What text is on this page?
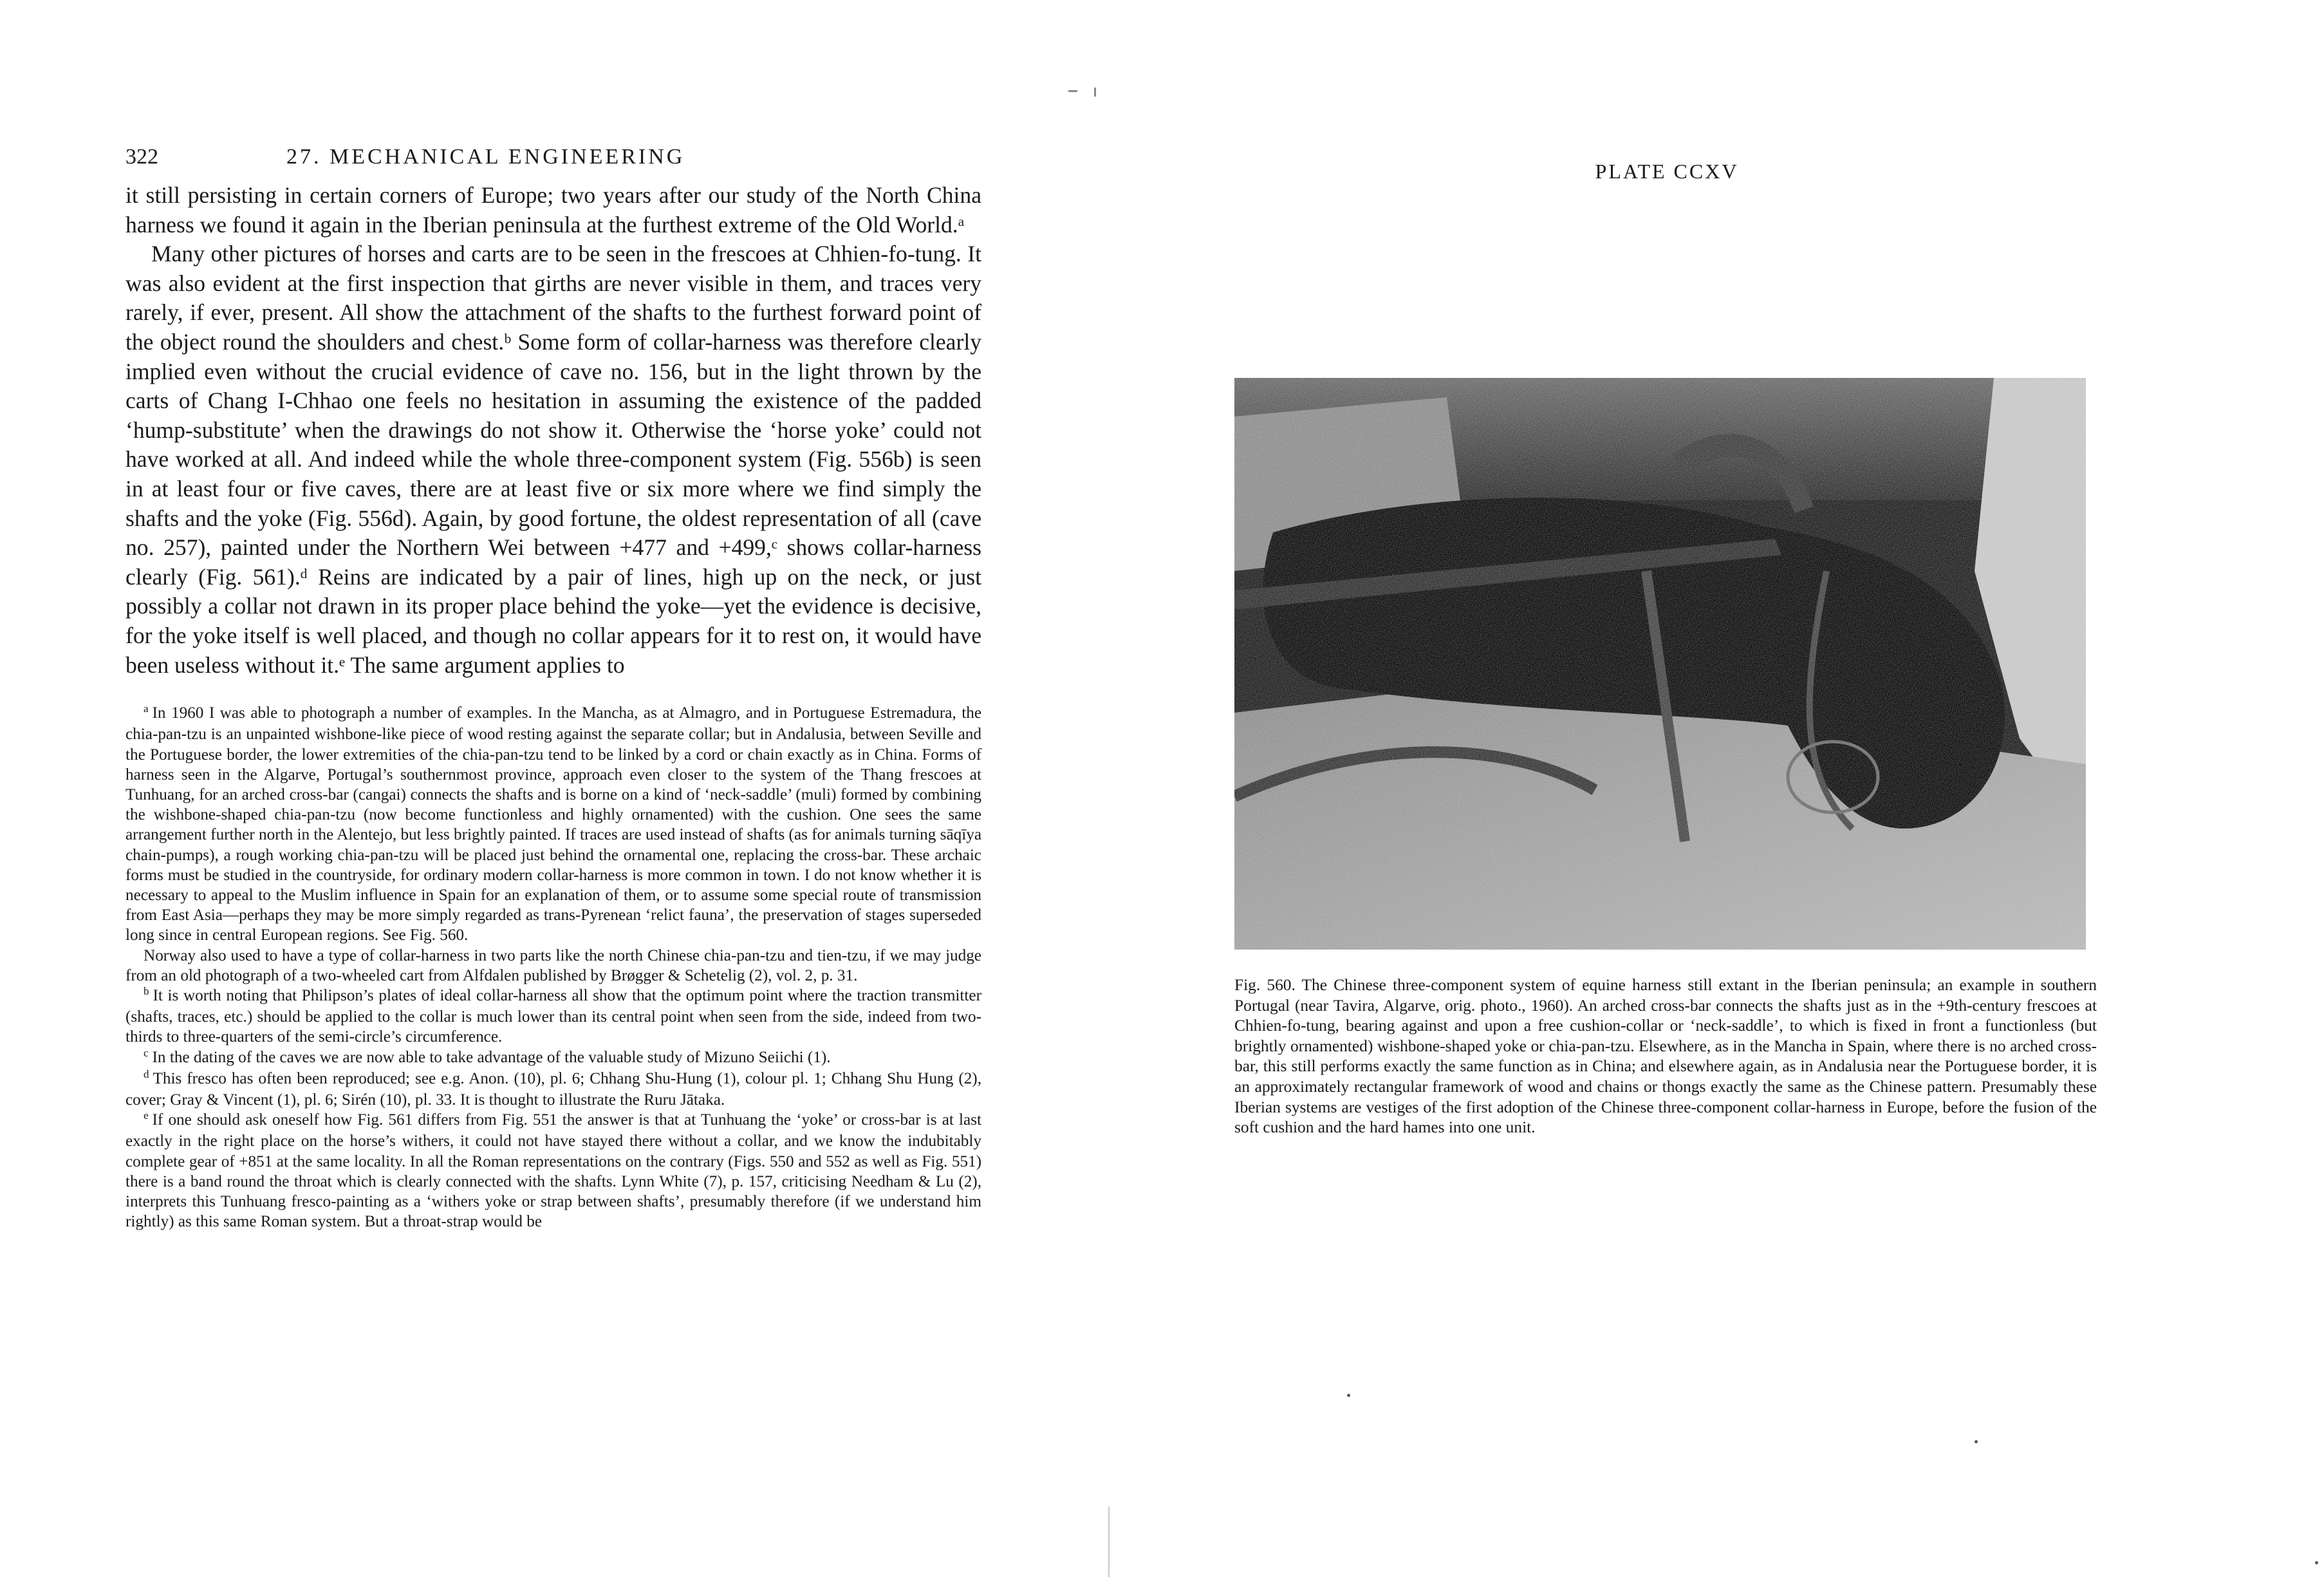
322	27. MECHANICAL ENGINEERING

it still persisting in certain corners of Europe; two years after our study of the North China harness we found it again in the Iberian peninsula at the furthest extreme of the Old World.ᵃ

Many other pictures of horses and carts are to be seen in the frescoes at Chhien-fo-tung. It was also evident at the first inspection that girths are never visible in them, and traces very rarely, if ever, present. All show the attachment of the shafts to the furthest forward point of the object round the shoulders and chest.ᵇ Some form of collar-harness was therefore clearly implied even without the crucial evidence of cave no. 156, but in the light thrown by the carts of Chang I-Chhao one feels no hesitation in assuming the existence of the padded ‘hump-substitute’ when the drawings do not show it. Otherwise the ‘horse yoke’ could not have worked at all. And indeed while the whole three-component system (Fig. 556b) is seen in at least four or five caves, there are at least five or six more where we find simply the shafts and the yoke (Fig. 556d). Again, by good fortune, the oldest representation of all (cave no. 257), painted under the Northern Wei between +477 and +499,ᶜ shows collar-harness clearly (Fig. 561).ᵈ Reins are indicated by a pair of lines, high up on the neck, or just possibly a collar not drawn in its proper place behind the yoke—yet the evidence is decisive, for the yoke itself is well placed, and though no collar appears for it to rest on, it would have been useless without it.ᵉ The same argument applies to

$^a$ In 1960 I was able to photograph a number of examples. In the Mancha, as at Almagro, and in Portuguese Estremadura, the chia-pan-tzu is an unpainted wishbone-like piece of wood resting against the separate collar; but in Andalusia, between Seville and the Portuguese border, the lower extremities of the chia-pan-tzu tend to be linked by a cord or chain exactly as in China. Forms of harness seen in the Algarve, Portugal’s southernmost province, approach even closer to the system of the Thang frescoes at Tunhuang, for an arched cross-bar (cangai) connects the shafts and is borne on a kind of ‘neck-saddle’ (muli) formed by combining the wishbone-shaped chia-pan-tzu (now become functionless and highly ornamented) with the cushion. One sees the same arrangement further north in the Alentejo, but less brightly painted. If traces are used instead of shafts (as for animals turning sāqīya chain-pumps), a rough working chia-pan-tzu will be placed just behind the ornamental one, replacing the cross-bar. These archaic forms must be studied in the countryside, for ordinary modern collar-harness is more common in town. I do not know whether it is necessary to appeal to the Muslim influence in Spain for an explanation of them, or to assume some special route of transmission from East Asia—perhaps they may be more simply regarded as trans-Pyrenean ‘relict fauna’, the preservation of stages superseded long since in central European regions. See Fig. 560.

Norway also used to have a type of collar-harness in two parts like the north Chinese chia-pan-tzu and tien-tzu, if we may judge from an old photograph of a two-wheeled cart from Alfdalen published by Brøgger & Schetelig (2), vol. 2, p. 31.

$^b$ It is worth noting that Philipson’s plates of ideal collar-harness all show that the optimum point where the traction transmitter (shafts, traces, etc.) should be applied to the collar is much lower than its central point when seen from the side, indeed from two-thirds to three-quarters of the semi-circle’s circumference.

$^c$ In the dating of the caves we are now able to take advantage of the valuable study of Mizuno Seiichi (1).

$^d$ This fresco has often been reproduced; see e.g. Anon. (10), pl. 6; Chhang Shu-Hung (1), colour pl. 1; Chhang Shu Hung (2), cover; Gray & Vincent (1), pl. 6; Sirén (10), pl. 33. It is thought to illustrate the Ruru Jātaka.

$^e$ If one should ask oneself how Fig. 561 differs from Fig. 551 the answer is that at Tunhuang the ‘yoke’ or cross-bar is at last exactly in the right place on the horse’s withers, it could not have stayed there without a collar, and we know the indubitably complete gear of +851 at the same locality. In all the Roman representations on the contrary (Figs. 550 and 552 as well as Fig. 551) there is a band round the throat which is clearly connected with the shafts. Lynn White (7), p. 157, criticising Needham & Lu (2), interprets this Tunhuang fresco-painting as a ‘withers yoke or strap between shafts’, presumably therefore (if we understand him rightly) as this same Roman system. But a throat-strap would be

PLATE CCXV

Fig. 560. The Chinese three-component system of equine harness still extant in the Iberian peninsula; an example in southern Portugal (near Tavira, Algarve, orig. photo., 1960). An arched cross-bar connects the shafts just as in the +9th-century frescoes at Chhien-fo-tung, bearing against and upon a free cushion-collar or ‘neck-saddle’, to which is fixed in front a functionless (but brightly ornamented) wishbone-shaped yoke or chia-pan-tzu. Elsewhere, as in the Mancha in Spain, where there is no arched cross-bar, this still performs exactly the same function as in China; and elsewhere again, as in Andalusia near the Portuguese border, it is an approximately rectangular framework of wood and chains or thongs exactly the same as the Chinese pattern. Presumably these Iberian systems are vestiges of the first adoption of the Chinese three-component collar-harness in Europe, before the fusion of the soft cushion and the hard hames into one unit.
